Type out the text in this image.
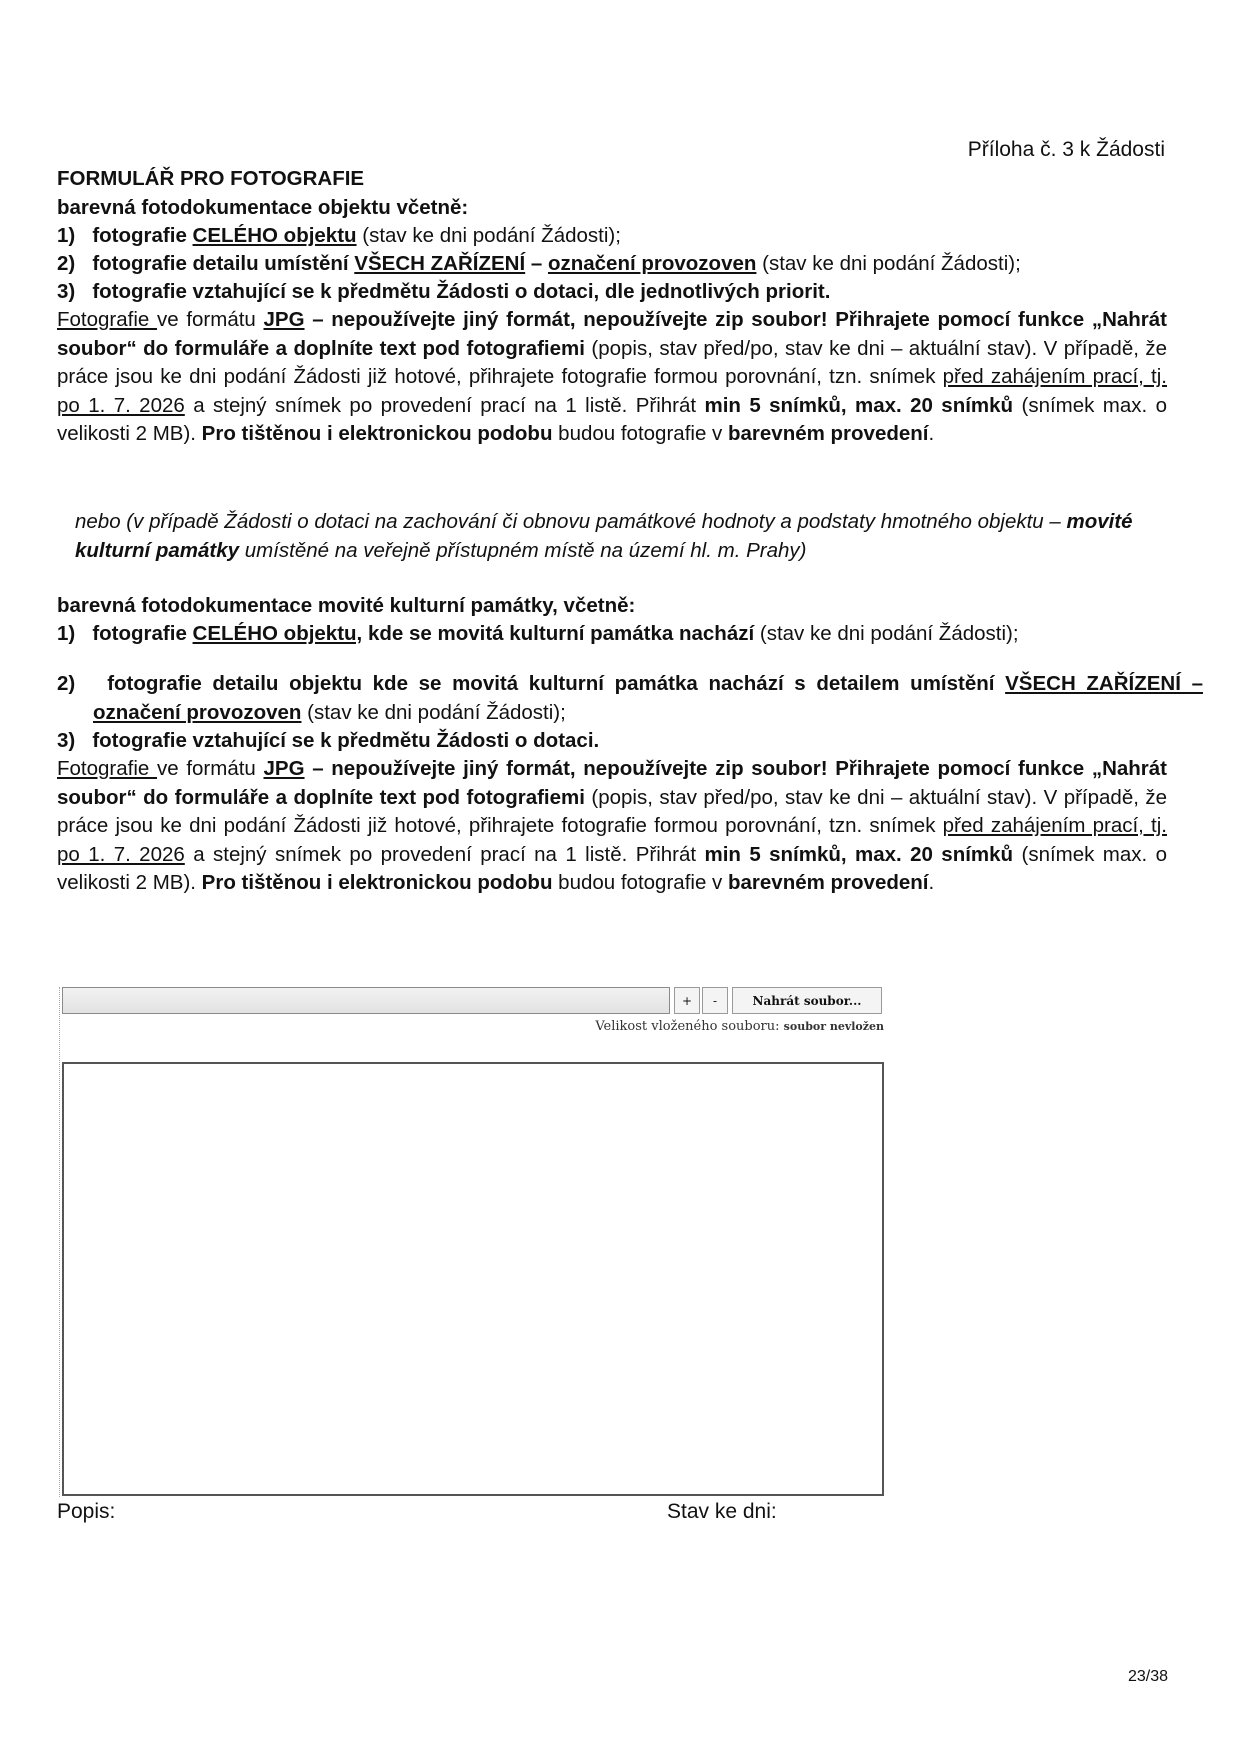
Příloha č. 3 k Žádosti
FORMULÁŘ PRO FOTOGRAFIE
barevná fotodokumentace objektu včetně:
1) fotografie CELÉHO objektu (stav ke dni podání Žádosti);
2) fotografie detailu umístění VŠECH ZAŘÍZENÍ – označení provozoven (stav ke dni podání Žádosti);
3) fotografie vztahující se k předmětu Žádosti o dotaci, dle jednotlivých priorit.
Fotografie ve formátu JPG – nepoužívejte jiný formát, nepoužívejte zip soubor! Přihrajete pomocí funkce „Nahrát soubor“ do formuláře a doplníte text pod fotografiemi (popis, stav před/po, stav ke dni – aktuální stav). V případě, že práce jsou ke dni podání Žádosti již hotové, přihrajete fotografie formou porovnání, tzn. snímek před zahájením prací, tj. po 1. 7. 2026 a stejný snímek po provedení prací na 1 listě. Přihrát min 5 snímků, max. 20 snímků (snímek max. o velikosti 2 MB). Pro tištěnou i elektronickou podobu budou fotografie v barevném provedení.
nebo (v případě Žádosti o dotaci na zachování či obnovu památkové hodnoty a podstaty hmotného objektu – movité kulturní památky umístěné na veřejně přístupném místě na území hl. m. Prahy)
barevná fotodokumentace movité kulturní památky, včetně:
1) fotografie CELÉHO objektu, kde se movitá kulturní památka nachází (stav ke dni podání Žádosti);
2) fotografie detailu objektu kde se movitá kulturní památka nachází s detailem umístění VŠECH ZAŘÍZENÍ – označení provozoven (stav ke dni podání Žádosti);
3) fotografie vztahující se k předmětu Žádosti o dotaci.
Fotografie ve formátu JPG – nepoužívejte jiný formát, nepoužívejte zip soubor! Přihrajete pomocí funkce „Nahrát soubor“ do formuláře a doplníte text pod fotografiemi (popis, stav před/po, stav ke dni – aktuální stav). V případě, že práce jsou ke dni podání Žádosti již hotové, přihrajete fotografie formou porovnání, tzn. snímek před zahájením prací, tj. po 1. 7. 2026 a stejný snímek po provedení prací na 1 listě. Přihrát min 5 snímků, max. 20 snímků (snímek max. o velikosti 2 MB). Pro tištěnou i elektronickou podobu budou fotografie v barevném provedení.
+	-	Nahrát soubor...
Velikost vloženého souboru: soubor nevložen
Popis:	Stav ke dni:
23/38
